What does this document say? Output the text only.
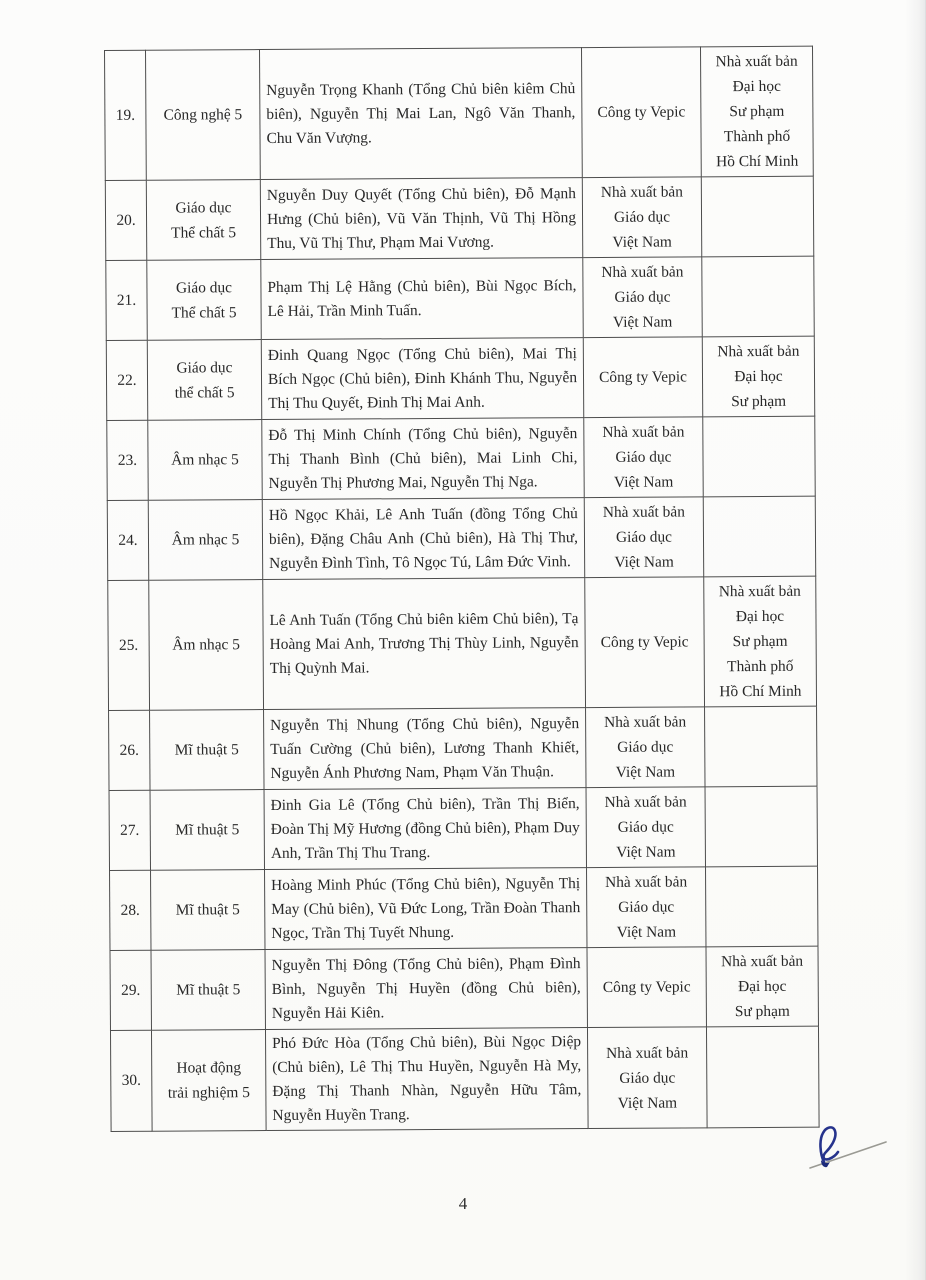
19.	Công nghệ 5	Nguyễn Trọng Khanh (Tổng Chủ biên kiêm Chủ biên), Nguyễn Thị Mai Lan, Ngô Văn Thanh, Chu Văn Vượng.	Công ty Vepic	Nhà xuất bản
Đại học
Sư phạm
Thành phố
Hồ Chí Minh
20.	Giáo dục
Thể chất 5	Nguyễn Duy Quyết (Tổng Chủ biên), Đỗ Mạnh Hưng (Chủ biên), Vũ Văn Thịnh, Vũ Thị Hồng Thu, Vũ Thị Thư, Phạm Mai Vương.	Nhà xuất bản
Giáo dục
Việt Nam	
21.	Giáo dục
Thể chất 5	Phạm Thị Lệ Hằng (Chủ biên), Bùi Ngọc Bích, Lê Hải, Trần Minh Tuấn.	Nhà xuất bản
Giáo dục
Việt Nam	
22.	Giáo dục
thể chất 5	Đinh Quang Ngọc (Tổng Chủ biên), Mai Thị Bích Ngọc (Chủ biên), Đinh Khánh Thu, Nguyễn Thị Thu Quyết, Đinh Thị Mai Anh.	Công ty Vepic	Nhà xuất bản
Đại học
Sư phạm
23.	Âm nhạc 5	Đỗ Thị Minh Chính (Tổng Chủ biên), Nguyễn Thị Thanh Bình (Chủ biên), Mai Linh Chi, Nguyễn Thị Phương Mai, Nguyễn Thị Nga.	Nhà xuất bản
Giáo dục
Việt Nam	
24.	Âm nhạc 5	Hồ Ngọc Khải, Lê Anh Tuấn (đồng Tổng Chủ biên), Đặng Châu Anh (Chủ biên), Hà Thị Thư, Nguyễn Đình Tình, Tô Ngọc Tú, Lâm Đức Vinh.	Nhà xuất bản
Giáo dục
Việt Nam	
25.	Âm nhạc 5	Lê Anh Tuấn (Tổng Chủ biên kiêm Chủ biên), Tạ Hoàng Mai Anh, Trương Thị Thùy Linh, Nguyễn Thị Quỳnh Mai.	Công ty Vepic	Nhà xuất bản
Đại học
Sư phạm
Thành phố
Hồ Chí Minh
26.	Mĩ thuật 5	Nguyễn Thị Nhung (Tổng Chủ biên), Nguyễn Tuấn Cường (Chủ biên), Lương Thanh Khiết, Nguyễn Ánh Phương Nam, Phạm Văn Thuận.	Nhà xuất bản
Giáo dục
Việt Nam	
27.	Mĩ thuật 5	Đinh Gia Lê (Tổng Chủ biên), Trần Thị Biển, Đoàn Thị Mỹ Hương (đồng Chủ biên), Phạm Duy Anh, Trần Thị Thu Trang.	Nhà xuất bản
Giáo dục
Việt Nam	
28.	Mĩ thuật 5	Hoàng Minh Phúc (Tổng Chủ biên), Nguyễn Thị May (Chủ biên), Vũ Đức Long, Trần Đoàn Thanh Ngọc, Trần Thị Tuyết Nhung.	Nhà xuất bản
Giáo dục
Việt Nam	
29.	Mĩ thuật 5	Nguyễn Thị Đông (Tổng Chủ biên), Phạm Đình Bình, Nguyễn Thị Huyền (đồng Chủ biên), Nguyễn Hải Kiên.	Công ty Vepic	Nhà xuất bản
Đại học
Sư phạm
30.	Hoạt động
trải nghiệm 5	Phó Đức Hòa (Tổng Chủ biên), Bùi Ngọc Diệp (Chủ biên), Lê Thị Thu Huyền, Nguyễn Hà My, Đặng Thị Thanh Nhàn, Nguyễn Hữu Tâm, Nguyễn Huyền Trang.	Nhà xuất bản
Giáo dục
Việt Nam	
4
